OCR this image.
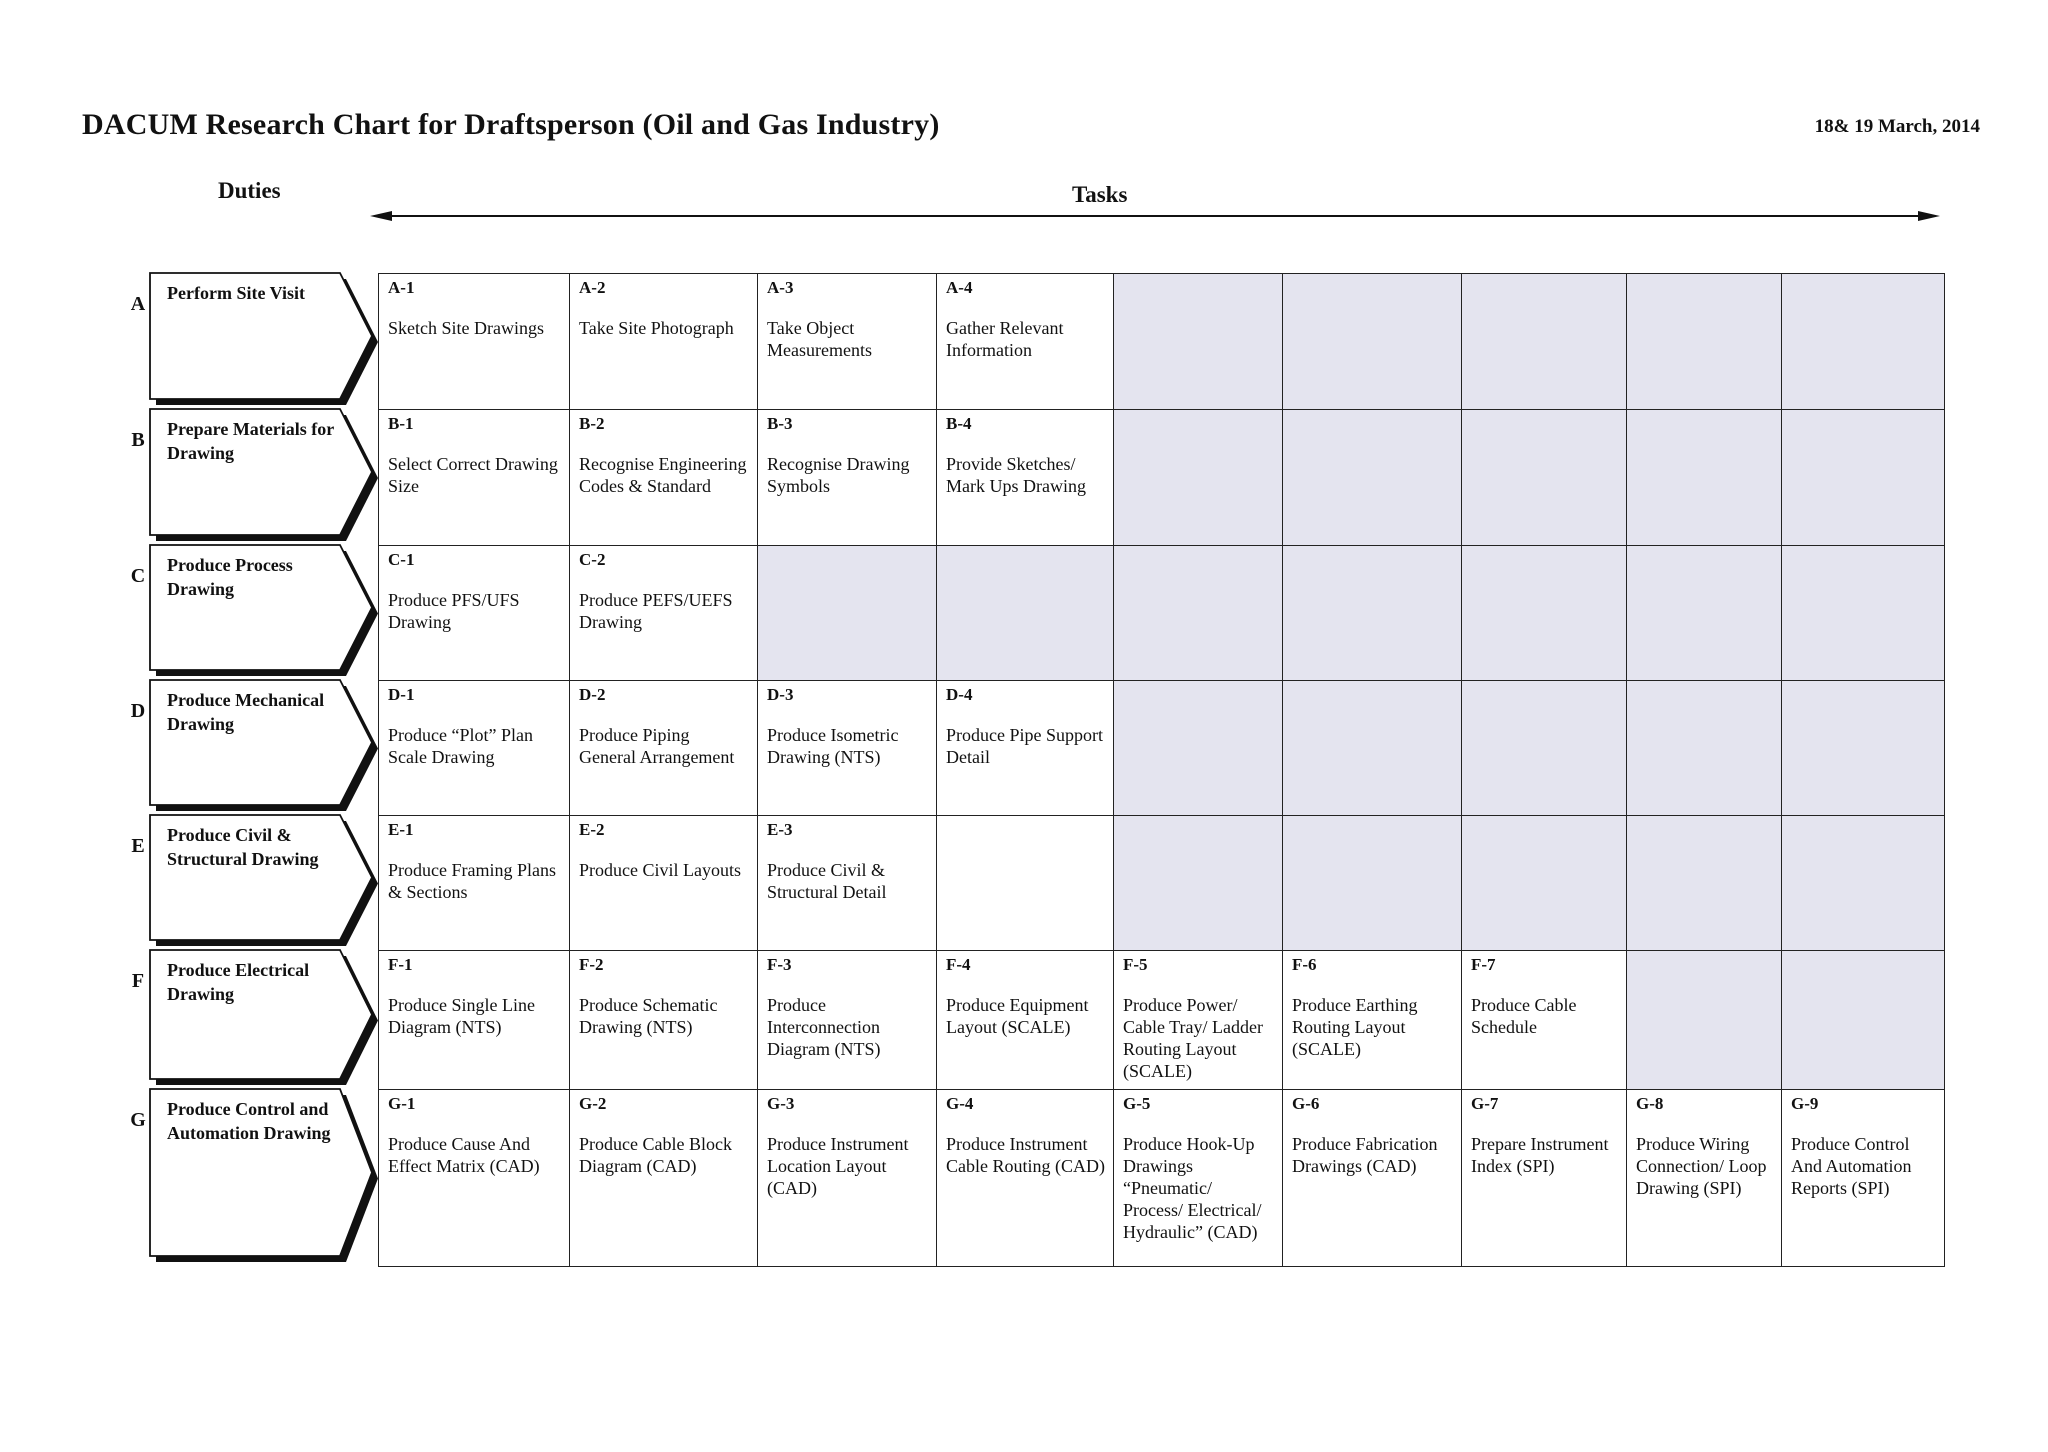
DACUM Research Chart for Draftsperson (Oil and Gas Industry)	18& 19 March, 2014
Duties	Tasks
A Perform Site Visit
B Prepare Materials for Drawing
C Produce Process Drawing
D Produce Mechanical Drawing
E Produce Civil & Structural Drawing
F Produce Electrical Drawing
G Produce Control and Automation Drawing
A-1
Sketch Site Drawings
A-2
Take Site Photograph
A-3
Take Object Measurements
A-4
Gather Relevant Information
B-1
Select Correct Drawing Size
B-2
Recognise Engineering Codes & Standard
B-3
Recognise Drawing Symbols
B-4
Provide Sketches/ Mark Ups Drawing
C-1
Produce PFS/UFS Drawing
C-2
Produce PEFS/UEFS Drawing
D-1
Produce “Plot” Plan Scale Drawing
D-2
Produce Piping General Arrangement
D-3
Produce Isometric Drawing (NTS)
D-4
Produce Pipe Support Detail
E-1
Produce Framing Plans & Sections
E-2
Produce Civil Layouts
E-3
Produce Civil & Structural Detail
F-1
Produce Single Line Diagram (NTS)
F-2
Produce Schematic Drawing (NTS)
F-3
Produce Interconnection Diagram (NTS)
F-4
Produce Equipment Layout (SCALE)
F-5
Produce Power/ Cable Tray/ Ladder Routing Layout (SCALE)
F-6
Produce Earthing Routing Layout (SCALE)
F-7
Produce Cable Schedule
G-1
Produce Cause And Effect Matrix (CAD)
G-2
Produce Cable Block Diagram (CAD)
G-3
Produce Instrument Location Layout (CAD)
G-4
Produce Instrument Cable Routing (CAD)
G-5
Produce Hook-Up Drawings “Pneumatic/ Process/ Electrical/ Hydraulic” (CAD)
G-6
Produce Fabrication Drawings (CAD)
G-7
Prepare Instrument Index (SPI)
G-8
Produce Wiring Connection/ Loop Drawing (SPI)
G-9
Produce Control And Automation Reports (SPI)
